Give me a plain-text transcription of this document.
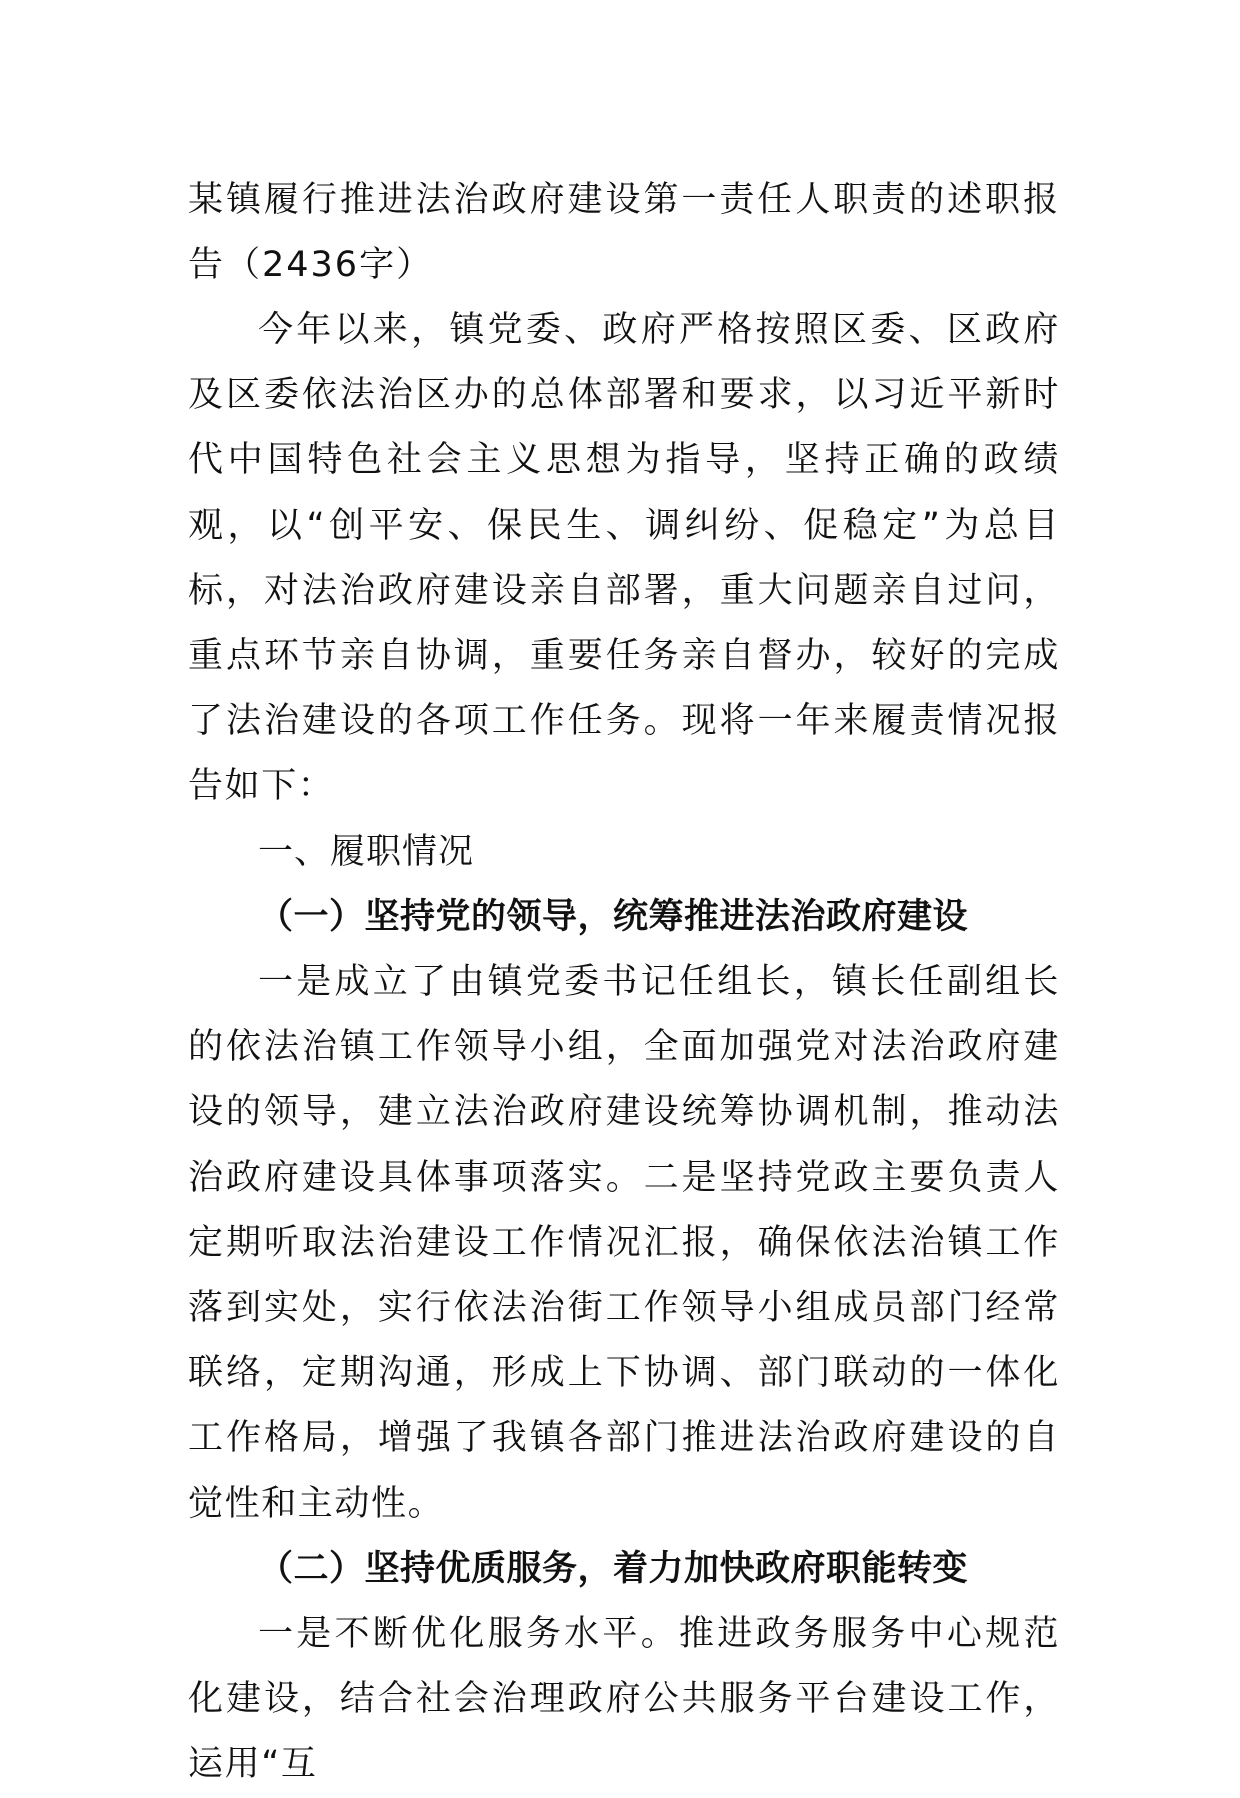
某镇履行推进法治政府建设第一责任人职责的述职报告（2436字）

今年以来，镇党委、政府严格按照区委、区政府及区委依法治区办的总体部署和要求，以习近平新时代中国特色社会主义思想为指导，坚持正确的政绩观，以“创平安、保民生、调纠纷、促稳定”为总目标，对法治政府建设亲自部署，重大问题亲自过问，重点环节亲自协调，重要任务亲自督办，较好的完成了法治建设的各项工作任务。现将一年来履责情况报告如下：

一、履职情况

（一）坚持党的领导，统筹推进法治政府建设

一是成立了由镇党委书记任组长，镇长任副组长的依法治镇工作领导小组，全面加强党对法治政府建设的领导，建立法治政府建设统筹协调机制，推动法治政府建设具体事项落实。二是坚持党政主要负责人定期听取法治建设工作情况汇报，确保依法治镇工作落到实处，实行依法治街工作领导小组成员部门经常联络，定期沟通，形成上下协调、部门联动的一体化工作格局，增强了我镇各部门推进法治政府建设的自觉性和主动性。

（二）坚持优质服务，着力加快政府职能转变

一是不断优化服务水平。推进政务服务中心规范化建设，结合社会治理政府公共服务平台建设工作，运用“互
